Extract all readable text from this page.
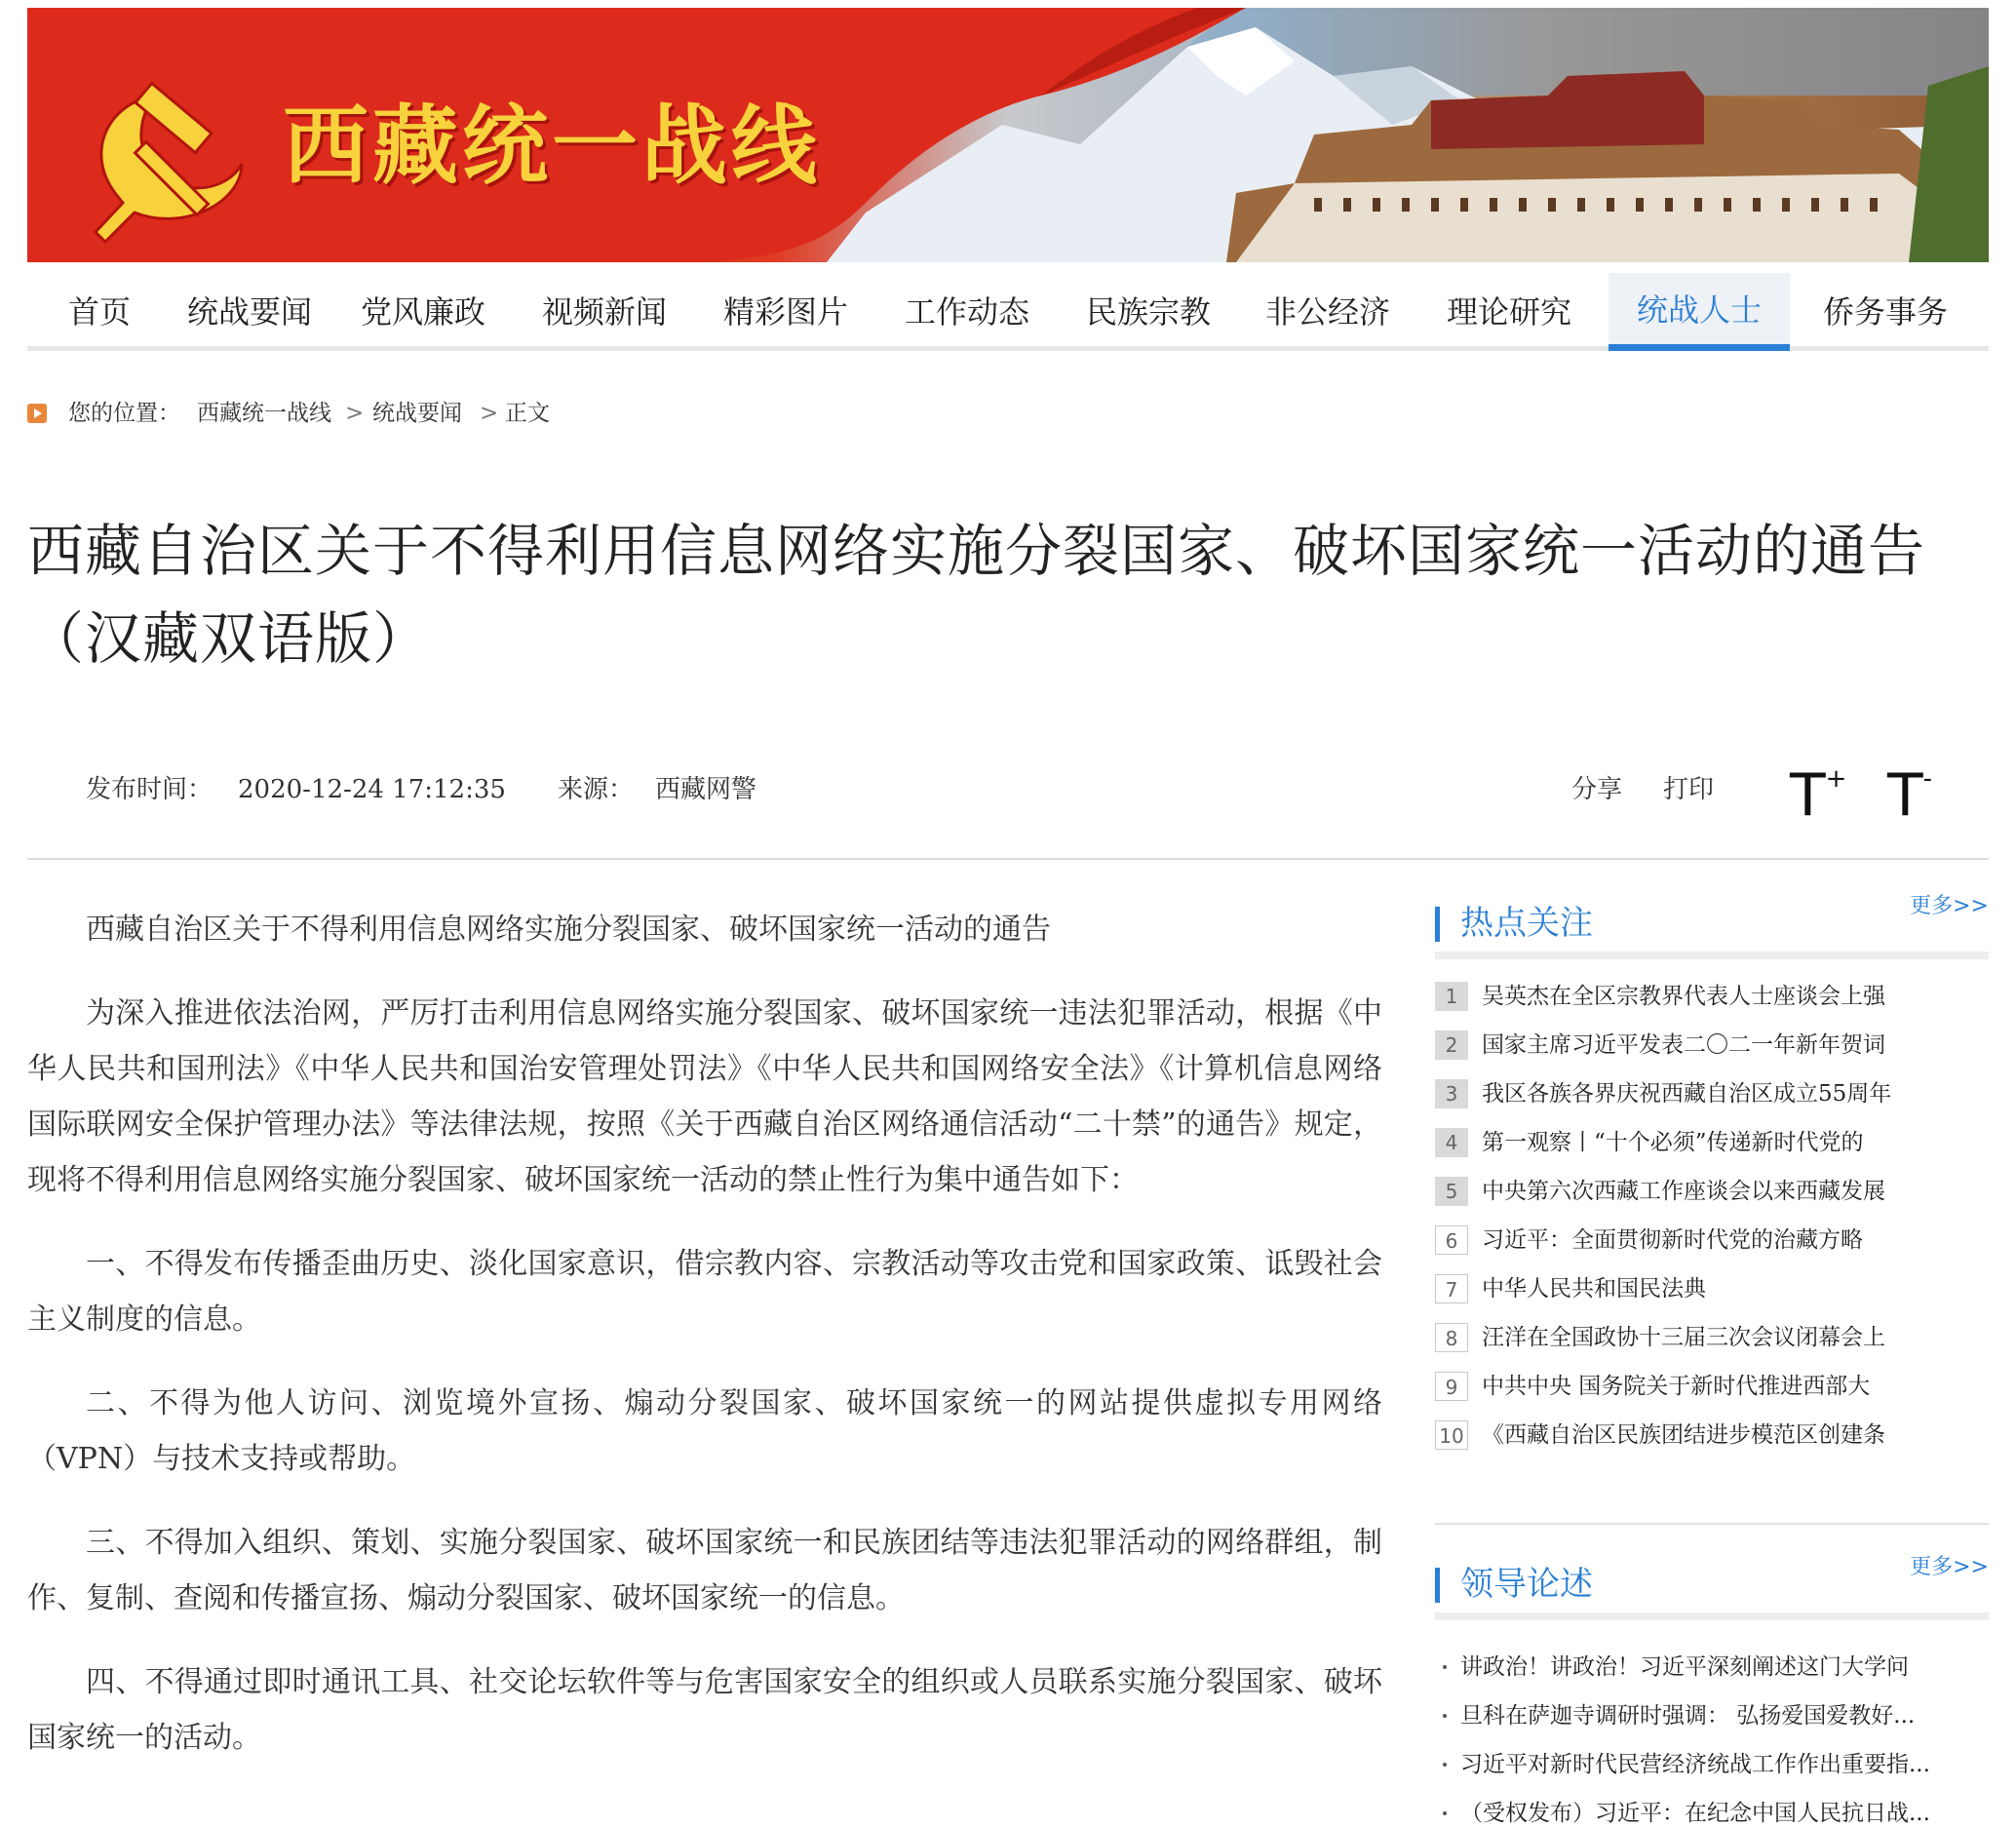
西藏统一战线
首页	统战要闻	党风廉政	视频新闻	精彩图片	工作动态	民族宗教	非公经济	理论研究	统战人士	侨务事务
您的位置： 西藏统一战线 > 统战要闻 > 正文
西藏自治区关于不得利用信息网络实施分裂国家、破坏国家统一活动的通告（汉藏双语版）
发布时间： 2020-12-24 17:12:35 来源： 西藏网警	分享 打印 T+ T-

西藏自治区关于不得利用信息网络实施分裂国家、破坏国家统一活动的通告

为深入推进依法治网，严厉打击利用信息网络实施分裂国家、破坏国家统一违法犯罪活动，根据《中华人民共和国刑法》《中华人民共和国治安管理处罚法》《中华人民共和国网络安全法》《计算机信息网络国际联网安全保护管理办法》等法律法规，按照《关于西藏自治区网络通信活动“二十禁”的通告》规定，现将不得利用信息网络实施分裂国家、破坏国家统一活动的禁止性行为集中通告如下：

一、不得发布传播歪曲历史、淡化国家意识，借宗教内容、宗教活动等攻击党和国家政策、诋毁社会主义制度的信息。

二、不得为他人访问、浏览境外宣扬、煽动分裂国家、破坏国家统一的网站提供虚拟专用网络（VPN）与技术支持或帮助。

三、不得加入组织、策划、实施分裂国家、破坏国家统一和民族团结等违法犯罪活动的网络群组，制作、复制、查阅和传播宣扬、煽动分裂国家、破坏国家统一的信息。

四、不得通过即时通讯工具、社交论坛软件等与危害国家安全的组织或人员联系实施分裂国家、破坏国家统一的活动。

热点关注	更多>>
1	吴英杰在全区宗教界代表人士座谈会上强
2	国家主席习近平发表二〇二一年新年贺词
3	我区各族各界庆祝西藏自治区成立55周年
4	第一观察丨“十个必须”传递新时代党的
5	中央第六次西藏工作座谈会以来西藏发展
6	习近平：全面贯彻新时代党的治藏方略
7	中华人民共和国民法典
8	汪洋在全国政协十三届三次会议闭幕会上
9	中共中央 国务院关于新时代推进西部大
10 《西藏自治区民族团结进步模范区创建条
领导论述	更多>>
讲政治！讲政治！习近平深刻阐述这门大学问
旦科在萨迦寺调研时强调： 弘扬爱国爱教好...
习近平对新时代民营经济统战工作作出重要指...
（受权发布）习近平：在纪念中国人民抗日战...
